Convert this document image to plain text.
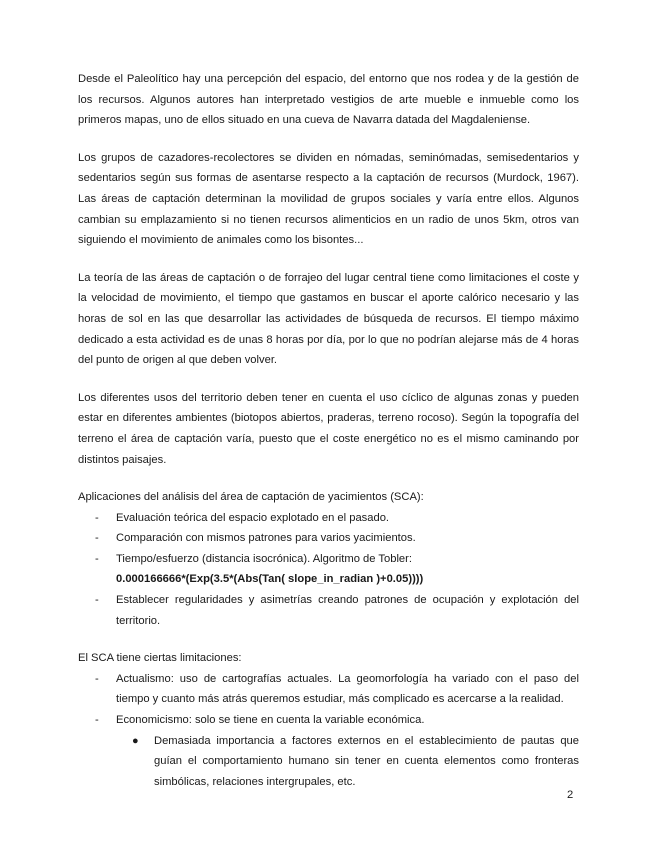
Desde el Paleolítico hay una percepción del espacio, del entorno que nos rodea y de la gestión de los recursos. Algunos autores han interpretado vestigios de arte mueble e inmueble como los primeros mapas, uno de ellos situado en una cueva de Navarra datada del Magdaleniense.

Los grupos de cazadores-recolectores se dividen en nómadas, seminómadas, semisedentarios y sedentarios según sus formas de asentarse respecto a la captación de recursos (Murdock, 1967). Las áreas de captación determinan la movilidad de grupos sociales y varía entre ellos. Algunos cambian su emplazamiento si no tienen recursos alimenticios en un radio de unos 5km, otros van siguiendo el movimiento de animales como los bisontes...

La teoría de las áreas de captación o de forrajeo del lugar central tiene como limitaciones el coste y la velocidad de movimiento, el tiempo que gastamos en buscar el aporte calórico necesario y las horas de sol en las que desarrollar las actividades de búsqueda de recursos. El tiempo máximo dedicado a esta actividad es de unas 8 horas por día, por lo que no podrían alejarse más de 4 horas del punto de origen al que deben volver.

Los diferentes usos del territorio deben tener en cuenta el uso cíclico de algunas zonas y pueden estar en diferentes ambientes (biotopos abiertos, praderas, terreno rocoso). Según la topografía del terreno el área de captación varía, puesto que el coste energético no es el mismo caminando por distintos paisajes.

Aplicaciones del análisis del área de captación de yacimientos (SCA):

- Evaluación teórica del espacio explotado en el pasado.
- Comparación con mismos patrones para varios yacimientos.
- Tiempo/esfuerzo (distancia isocrónica). Algoritmo de Tobler:
0.000166666*(Exp(3.5*(Abs(Tan( slope_in_radian )+0.05))))
- Establecer regularidades y asimetrías creando patrones de ocupación y explotación del territorio.

El SCA tiene ciertas limitaciones:

- Actualismo: uso de cartografías actuales. La geomorfología ha variado con el paso del tiempo y cuanto más atrás queremos estudiar, más complicado es acercarse a la realidad.
- Economicismo: solo se tiene en cuenta la variable económica.
● Demasiada importancia a factores externos en el establecimiento de pautas que guían el comportamiento humano sin tener en cuenta elementos como fronteras simbólicas, relaciones intergrupales, etc.
2
